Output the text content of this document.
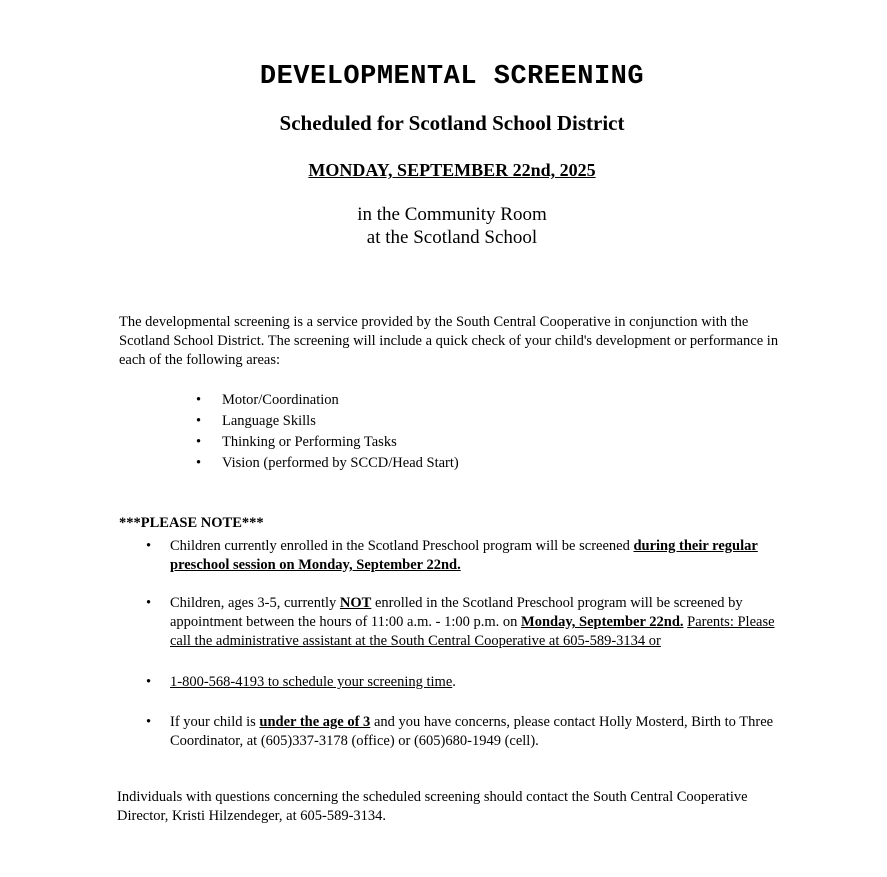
DEVELOPMENTAL SCREENING
Scheduled for Scotland School District
MONDAY, SEPTEMBER 22nd, 2025
in the Community Room
at the Scotland School
The developmental screening is a service provided by the South Central Cooperative in conjunction with the Scotland School District. The screening will include a quick check of your child's development or performance in each of the following areas:
• Motor/Coordination
• Language Skills
• Thinking or Performing Tasks
• Vision (performed by SCCD/Head Start)
***PLEASE NOTE***
• Children currently enrolled in the Scotland Preschool program will be screened during their regular preschool session on Monday, September 22nd.
• Children, ages 3-5, currently NOT enrolled in the Scotland Preschool program will be screened by appointment between the hours of 11:00 a.m. - 1:00 p.m. on Monday, September 22nd. Parents: Please call the administrative assistant at the South Central Cooperative at 605-589-3134 or
• 1-800-568-4193 to schedule your screening time.
• If your child is under the age of 3 and you have concerns, please contact Holly Mosterd, Birth to Three Coordinator, at (605)337-3178 (office) or (605)680-1949 (cell).
Individuals with questions concerning the scheduled screening should contact the South Central Cooperative Director, Kristi Hilzendeger, at 605-589-3134.
